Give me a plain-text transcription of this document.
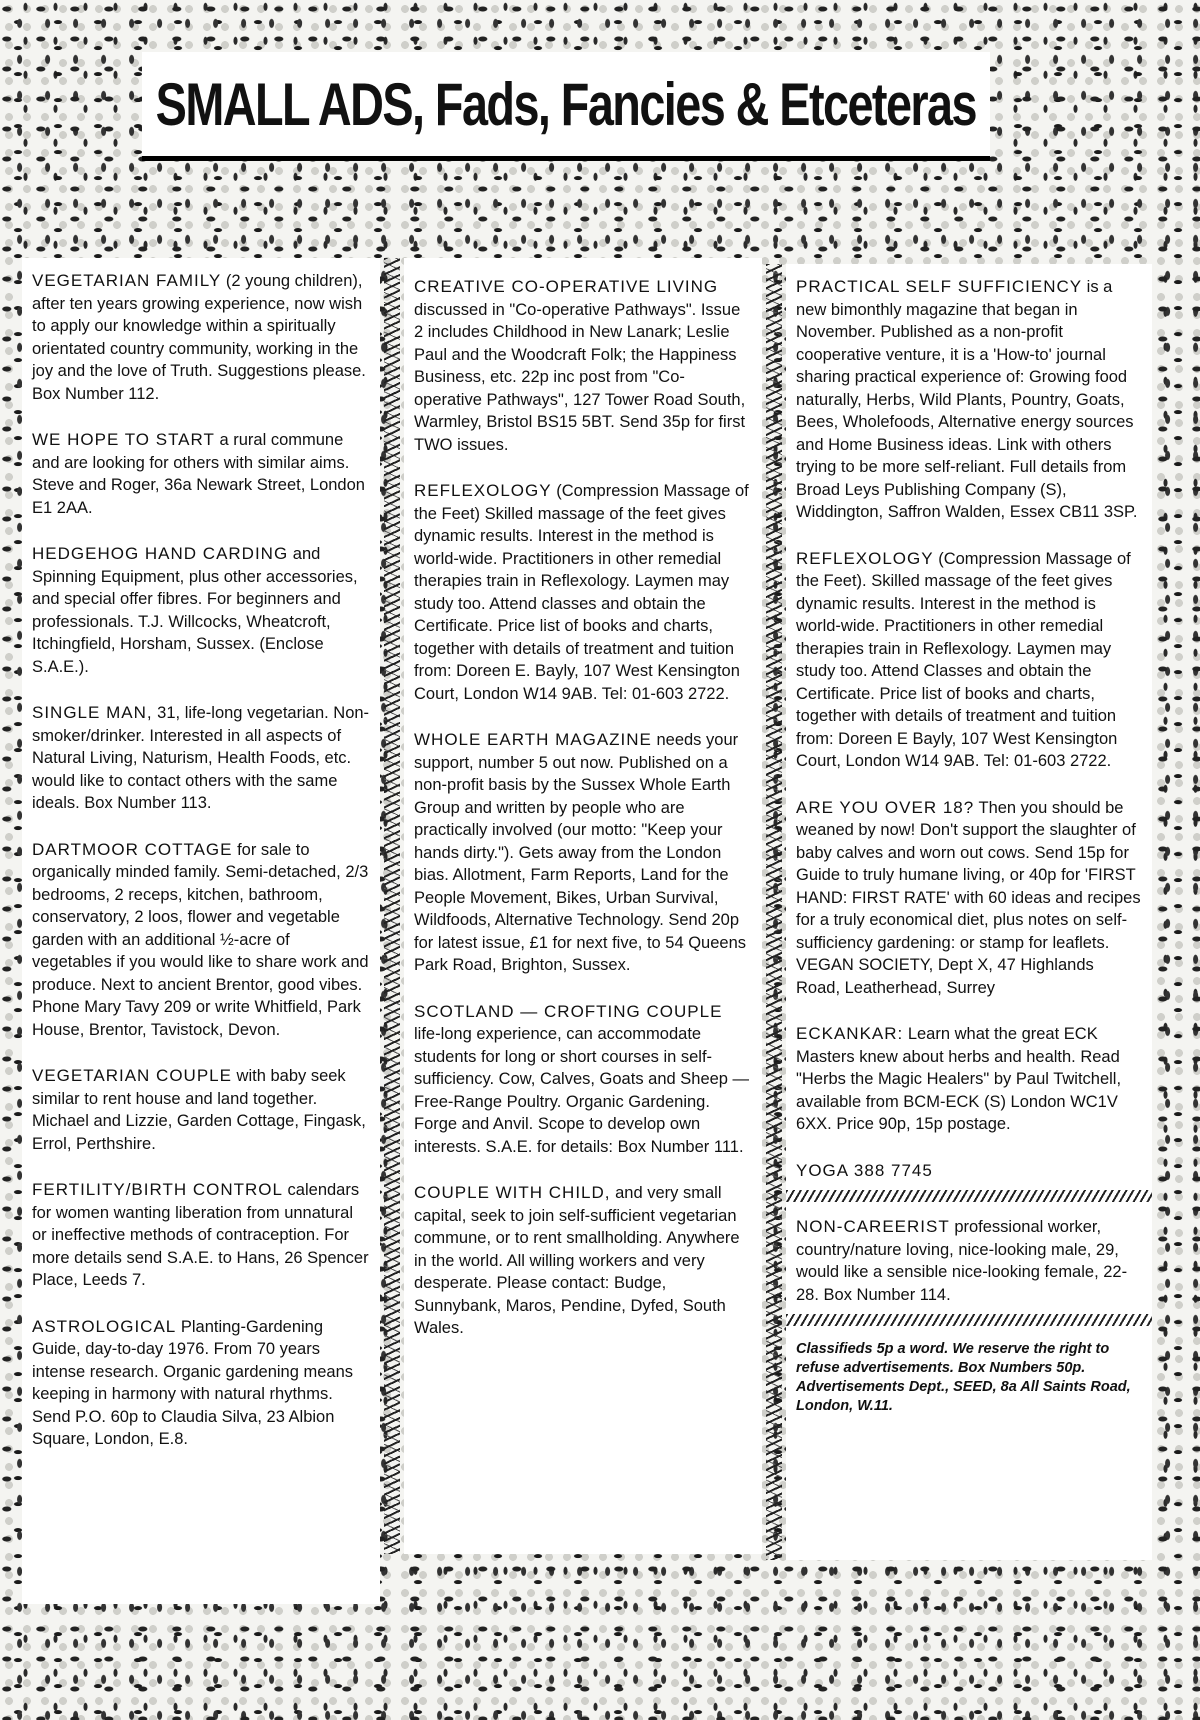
SMALL ADS, Fads, Fancies & Etceteras

VEGETARIAN FAMILY (2 young children), after ten years growing experience, now wish to apply our knowledge within a spiritually orientated country community, working in the joy and the love of Truth. Suggestions please. Box Number 112.

WE HOPE TO START a rural commune and are looking for others with similar aims. Steve and Roger, 36a Newark Street, London E1 2AA.

HEDGEHOG HAND CARDING and Spinning Equipment, plus other accessories, and special offer fibres. For beginners and professionals. T.J. Willcocks, Wheatcroft, Itchingfield, Horsham, Sussex. (Enclose S.A.E.).

SINGLE MAN, 31, life-long vegetarian. Non-smoker/drinker. Interested in all aspects of Natural Living, Naturism, Health Foods, etc. would like to contact others with the same ideals. Box Number 113.

DARTMOOR COTTAGE for sale to organically minded family. Semi-detached, 2/3 bedrooms, 2 receps, kitchen, bathroom, conservatory, 2 loos, flower and vegetable garden with an additional ½-acre of vegetables if you would like to share work and produce. Next to ancient Brentor, good vibes. Phone Mary Tavy 209 or write Whitfield, Park House, Brentor, Tavistock, Devon.

VEGETARIAN COUPLE with baby seek similar to rent house and land together. Michael and Lizzie, Garden Cottage, Fingask, Errol, Perthshire.

FERTILITY/BIRTH CONTROL calendars for women wanting liberation from unnatural or ineffective methods of contraception. For more details send S.A.E. to Hans, 26 Spencer Place, Leeds 7.

ASTROLOGICAL Planting-Gardening Guide, day-to-day 1976. From 70 years intense research. Organic gardening means keeping in harmony with natural rhythms. Send P.O. 60p to Claudia Silva, 23 Albion Square, London, E.8.

CREATIVE CO-OPERATIVE LIVING discussed in "Co-operative Pathways". Issue 2 includes Childhood in New Lanark; Leslie Paul and the Woodcraft Folk; the Happiness Business, etc. 22p inc post from "Co-operative Pathways", 127 Tower Road South, Warmley, Bristol BS15 5BT. Send 35p for first TWO issues.

REFLEXOLOGY (Compression Massage of the Feet) Skilled massage of the feet gives dynamic results. Interest in the method is world-wide. Practitioners in other remedial therapies train in Reflexology. Laymen may study too. Attend classes and obtain the Certificate. Price list of books and charts, together with details of treatment and tuition from: Doreen E. Bayly, 107 West Kensington Court, London W14 9AB. Tel: 01-603 2722.

WHOLE EARTH MAGAZINE needs your support, number 5 out now. Published on a non-profit basis by the Sussex Whole Earth Group and written by people who are practically involved (our motto: "Keep your hands dirty."). Gets away from the London bias. Allotment, Farm Reports, Land for the People Movement, Bikes, Urban Survival, Wildfoods, Alternative Technology. Send 20p for latest issue, £1 for next five, to 54 Queens Park Road, Brighton, Sussex.

SCOTLAND — CROFTING COUPLE life-long experience, can accommodate students for long or short courses in self-sufficiency. Cow, Calves, Goats and Sheep — Free-Range Poultry. Organic Gardening. Forge and Anvil. Scope to develop own interests. S.A.E. for details: Box Number 111.

COUPLE WITH CHILD, and very small capital, seek to join self-sufficient vegetarian commune, or to rent smallholding. Anywhere in the world. All willing workers and very desperate. Please contact: Budge, Sunnybank, Maros, Pendine, Dyfed, South Wales.

PRACTICAL SELF SUFFICIENCY is a new bimonthly magazine that began in November. Published as a non-profit cooperative venture, it is a 'How-to' journal sharing practical experience of: Growing food naturally, Herbs, Wild Plants, Pountry, Goats, Bees, Wholefoods, Alternative energy sources and Home Business ideas. Link with others trying to be more self-reliant. Full details from Broad Leys Publishing Company (S), Widdington, Saffron Walden, Essex CB11 3SP.

REFLEXOLOGY (Compression Massage of the Feet). Skilled massage of the feet gives dynamic results. Interest in the method is world-wide. Practitioners in other remedial therapies train in Reflexology. Laymen may study too. Attend Classes and obtain the Certificate. Price list of books and charts, together with details of treatment and tuition from: Doreen E Bayly, 107 West Kensington Court, London W14 9AB. Tel: 01-603 2722.

ARE YOU OVER 18? Then you should be weaned by now! Don't support the slaughter of baby calves and worn out cows. Send 15p for Guide to truly humane living, or 40p for 'FIRST HAND: FIRST RATE' with 60 ideas and recipes for a truly economical diet, plus notes on self-sufficiency gardening: or stamp for leaflets. VEGAN SOCIETY, Dept X, 47 Highlands Road, Leatherhead, Surrey

ECKANKAR: Learn what the great ECK Masters knew about herbs and health. Read "Herbs the Magic Healers" by Paul Twitchell, available from BCM-ECK (S) London WC1V 6XX. Price 90p, 15p postage.

YOGA 388 7745

NON-CAREERIST professional worker, country/nature loving, nice-looking male, 29, would like a sensible nice-looking female, 22-28. Box Number 114.

Classifieds 5p a word. We reserve the right to refuse advertisements. Box Numbers 50p. Advertisements Dept., SEED, 8a All Saints Road, London, W.11.
